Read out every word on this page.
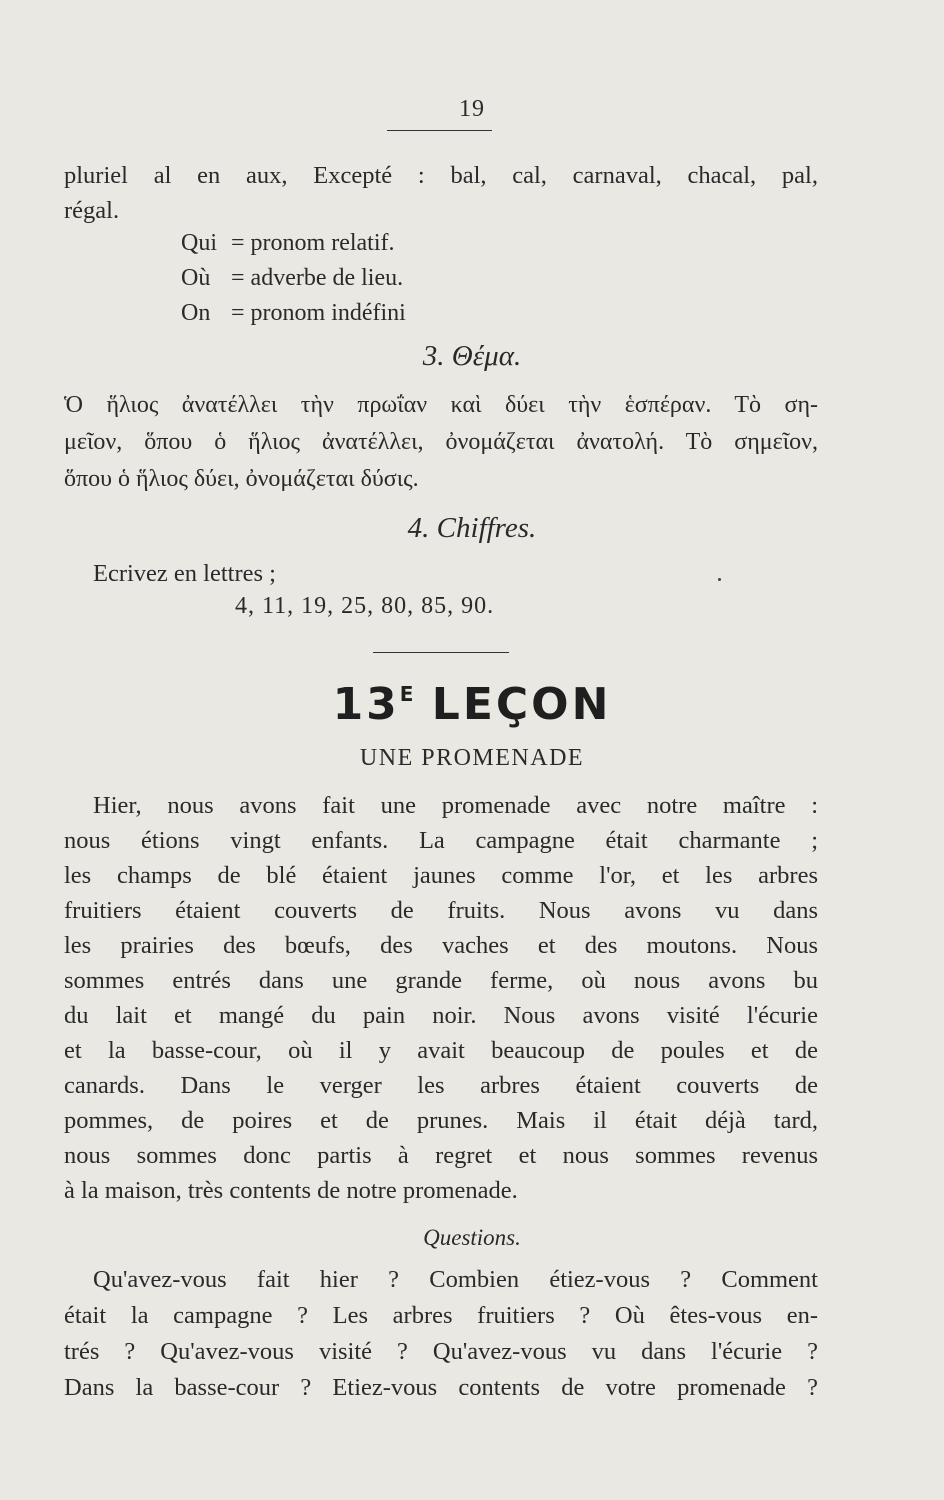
19
pluriel al en aux, Excepté : bal, cal, carnaval, chacal, pal,
régal.
Qui = pronom relatif.
Où = adverbe de lieu.
On = pronom indéfini
3. Θέμα.
Ὁ ἥλιος ἀνατέλλει τὴν πρωΐαν καὶ δύει τὴν ἑσπέραν. Τὸ ση-
μεῖον, ὅπου ὁ ἥλιος ἀνατέλλει, ὀνομάζεται ἀνατολή. Τὸ σημεῖον,
ὅπου ὁ ἥλιος δύει, ὀνομάζεται δύσις.
4. Chiffres.
Ecrivez en lettres ;
4, 11, 19, 25, 80, 85, 90.
$13^E$ LEÇON
UNE PROMENADE
Hier, nous avons fait une promenade avec notre maître :
nous étions vingt enfants. La campagne était charmante ;
les champs de blé étaient jaunes comme l'or, et les arbres
fruitiers étaient couverts de fruits. Nous avons vu dans
les prairies des bœufs, des vaches et des moutons. Nous
sommes entrés dans une grande ferme, où nous avons bu
du lait et mangé du pain noir. Nous avons visité l'écurie
et la basse-cour, où il y avait beaucoup de poules et de
canards. Dans le verger les arbres étaient couverts de
pommes, de poires et de prunes. Mais il était déjà tard,
nous sommes donc partis à regret et nous sommes revenus
à la maison, très contents de notre promenade.
Questions.
Qu'avez-vous fait hier ? Combien étiez-vous ? Comment
était la campagne ? Les arbres fruitiers ? Où êtes-vous en-
trés ? Qu'avez-vous visité ? Qu'avez-vous vu dans l'écurie ?
Dans la basse-cour ? Etiez-vous contents de votre promenade ?
